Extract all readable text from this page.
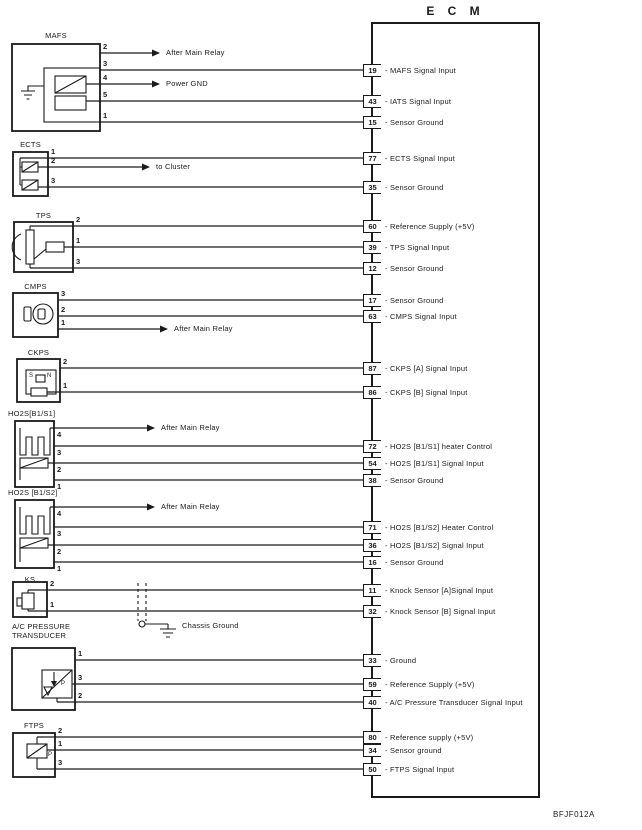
E C M
BFJF012A
19	- MAFS Signal Input
43	- IATS Signal Input
15	- Sensor Ground
77	- ECTS Signal Input
35	- Sensor Ground
60	- Reference Supply (+5V)
39	- TPS Signal Input
12	- Sensor Ground
17	- Sensor Ground
63	- CMPS Signal Input
87	- CKPS [A] Signal Input
86	- CKPS [B] Signal Input
72	- HO2S [B1/S1] heater Control
54	- HO2S [B1/S1] Signal Input
38	- Sensor Ground
71	- HO2S [B1/S2] Heater Control
36	- HO2S [B1/S2] Signal Input
16	- Sensor Ground
11	- Knock Sensor [A]Signal Input
32	- Knock Sensor [B] Signal Input
33	- Ground
59	- Reference Supply (+5V)
40	- A/C Pressure Transducer Signal Input
80	- Reference supply (+5V)
34	- Sensor ground
50	- FTPS Signal Input
MAFS
2
After Main Relay
3
4
Power GND
5
1
ECTS
1
2
to Cluster
3
TPS	2
1
3
CMPS
3
2
1
After Main Relay
CKPS
2
1
HO2S[B1/S1]
4
After Main Relay
3
2
1
HO2S [B1/S2]
4
After Main Relay
3
2
1
KS	2
1
A/C PRESSURE TRANSDUCER
1
3
2
FTPS
2
1
3
S N
P
P
Chassis Ground
